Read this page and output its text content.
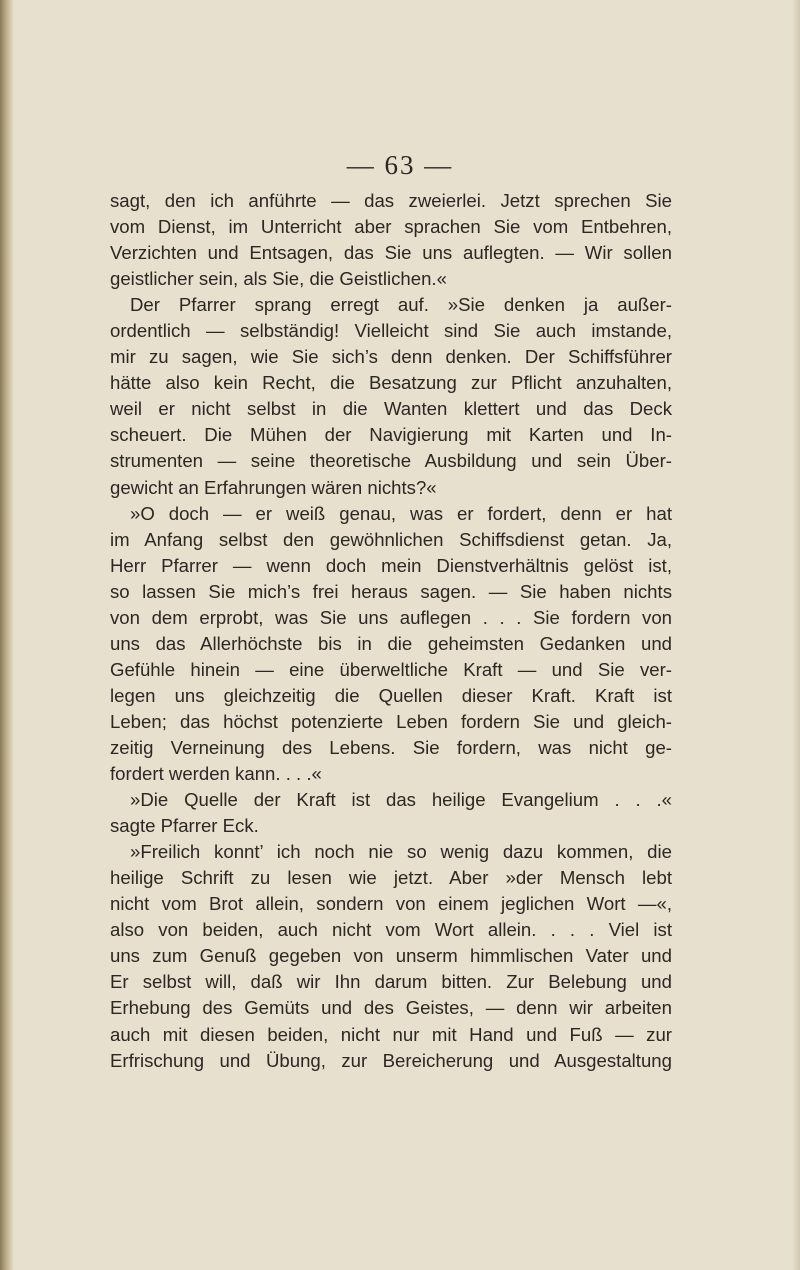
— 63 —
sagt, den ich anführte — das zweierlei. Jetzt sprechen Sie
vom Dienst, im Unterricht aber sprachen Sie vom Entbehren,
Verzichten und Entsagen, das Sie uns auflegten. — Wir sollen
geistlicher sein, als Sie, die Geistlichen.«
Der Pfarrer sprang erregt auf. »Sie denken ja außer-
ordentlich — selbständig! Vielleicht sind Sie auch imstande,
mir zu sagen, wie Sie sich’s denn denken. Der Schiffsführer
hätte also kein Recht, die Besatzung zur Pflicht anzuhalten,
weil er nicht selbst in die Wanten klettert und das Deck
scheuert. Die Mühen der Navigierung mit Karten und In-
strumenten — seine theoretische Ausbildung und sein Über-
gewicht an Erfahrungen wären nichts?«
»O doch — er weiß genau, was er fordert, denn er hat
im Anfang selbst den gewöhnlichen Schiffsdienst getan. Ja,
Herr Pfarrer — wenn doch mein Dienstverhältnis gelöst ist,
so lassen Sie mich’s frei heraus sagen. — Sie haben nichts
von dem erprobt, was Sie uns auflegen . . . Sie fordern von
uns das Allerhöchste bis in die geheimsten Gedanken und
Gefühle hinein — eine überweltliche Kraft — und Sie ver-
legen uns gleichzeitig die Quellen dieser Kraft. Kraft ist
Leben; das höchst potenzierte Leben fordern Sie und gleich-
zeitig Verneinung des Lebens. Sie fordern, was nicht ge-
fordert werden kann. . . .«
»Die Quelle der Kraft ist das heilige Evangelium . . .«
sagte Pfarrer Eck.
»Freilich konnt’ ich noch nie so wenig dazu kommen, die
heilige Schrift zu lesen wie jetzt. Aber »der Mensch lebt
nicht vom Brot allein, sondern von einem jeglichen Wort —«,
also von beiden, auch nicht vom Wort allein. . . . Viel ist
uns zum Genuß gegeben von unserm himmlischen Vater und
Er selbst will, daß wir Ihn darum bitten. Zur Belebung und
Erhebung des Gemüts und des Geistes, — denn wir arbeiten
auch mit diesen beiden, nicht nur mit Hand und Fuß — zur
Erfrischung und Übung, zur Bereicherung und Ausgestaltung
